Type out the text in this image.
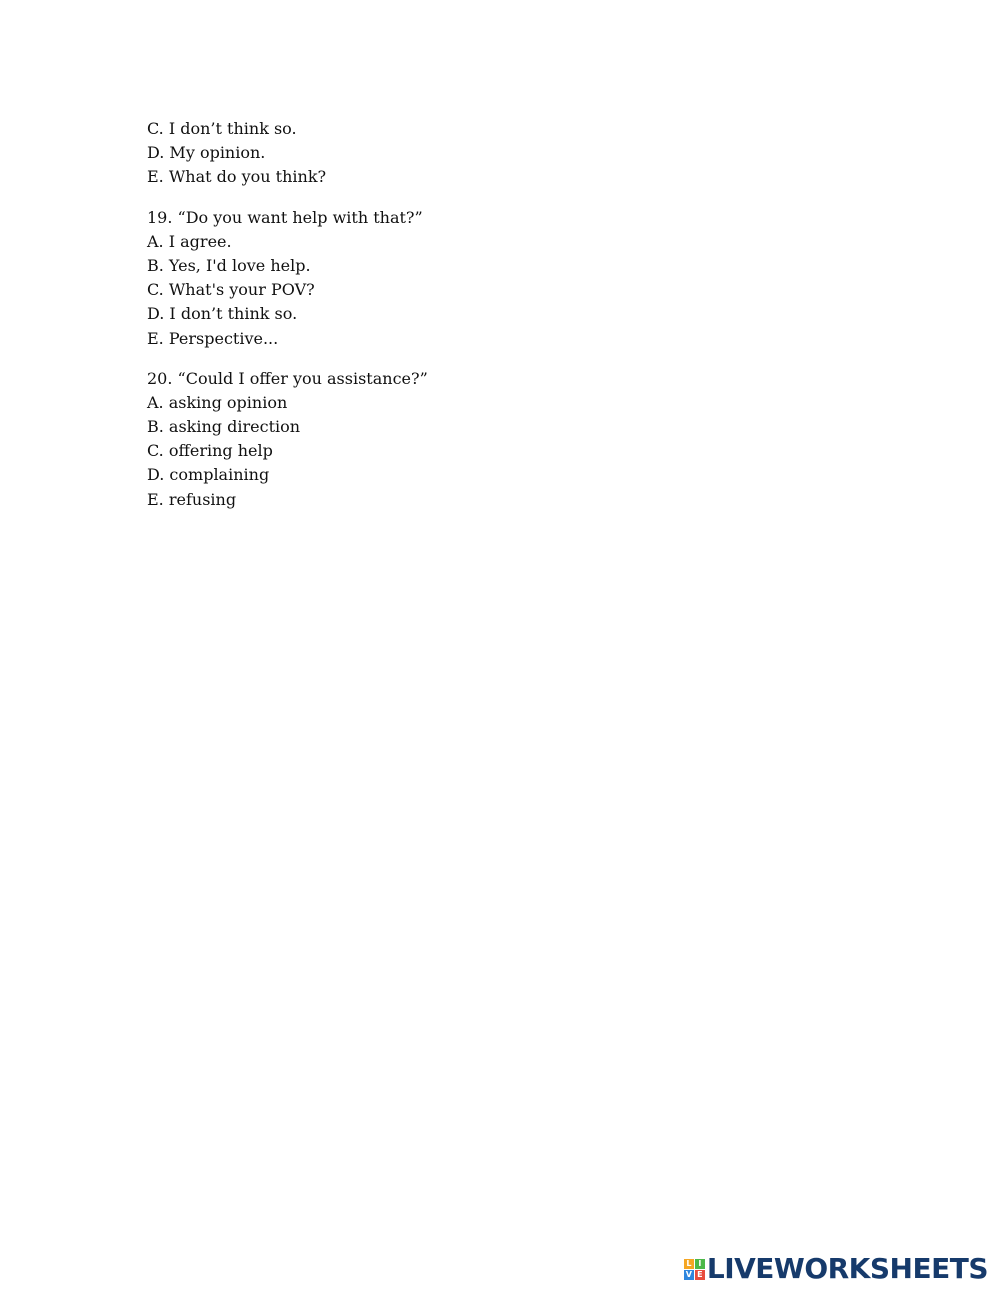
C. I don’t think so.
D. My opinion.
E. What do you think?
19. “Do you want help with that?”
A. I agree.
B. Yes, I'd love help.
C. What's your POV?
D. I don’t think so.
E. Perspective...
20. “Could I offer you assistance?”
A. asking opinion
B. asking direction
C. offering help
D. complaining
E. refusing
L I
V E LIVEWORKSHEETS
